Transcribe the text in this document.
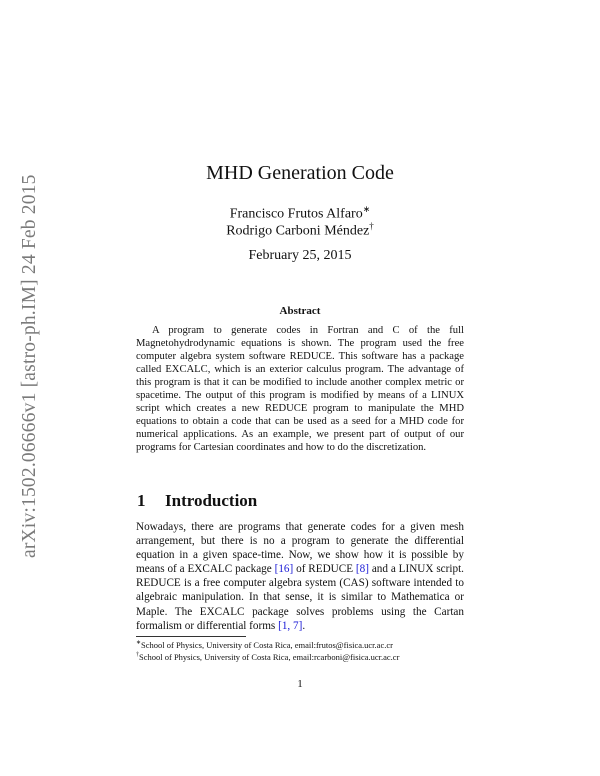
arXiv:1502.06666v1 [astro-ph.IM] 24 Feb 2015
MHD Generation Code
Francisco Frutos Alfaro∗
Rodrigo Carboni Méndez†
February 25, 2015
Abstract

A program to generate codes in Fortran and C of the full Magnetohydrodynamic equations is shown. The program used the free computer algebra system software REDUCE. This software has a package called EXCALC, which is an exterior calculus program. The advantage of this program is that it can be modified to include another complex metric or spacetime. The output of this program is modified by means of a LINUX script which creates a new REDUCE program to manipulate the MHD equations to obtain a code that can be used as a seed for a MHD code for numerical applications. As an example, we present part of output of our programs for Cartesian coordinates and how to do the discretization.

1 Introduction

Nowadays, there are programs that generate codes for a given mesh arrangement, but there is no a program to generate the differential equation in a given space-time. Now, we show how it is possible by means of a EXCALC package [16] of REDUCE [8] and a LINUX script. REDUCE is a free computer algebra system (CAS) software intended to algebraic manipulation. In that sense, it is similar to Mathematica or Maple. The EXCALC package solves problems using the Cartan formalism or differential forms [1, 7].

∗School of Physics, University of Costa Rica, email:frutos@fisica.ucr.ac.cr
†School of Physics, University of Costa Rica, email:rcarboni@fisica.ucr.ac.cr
1
